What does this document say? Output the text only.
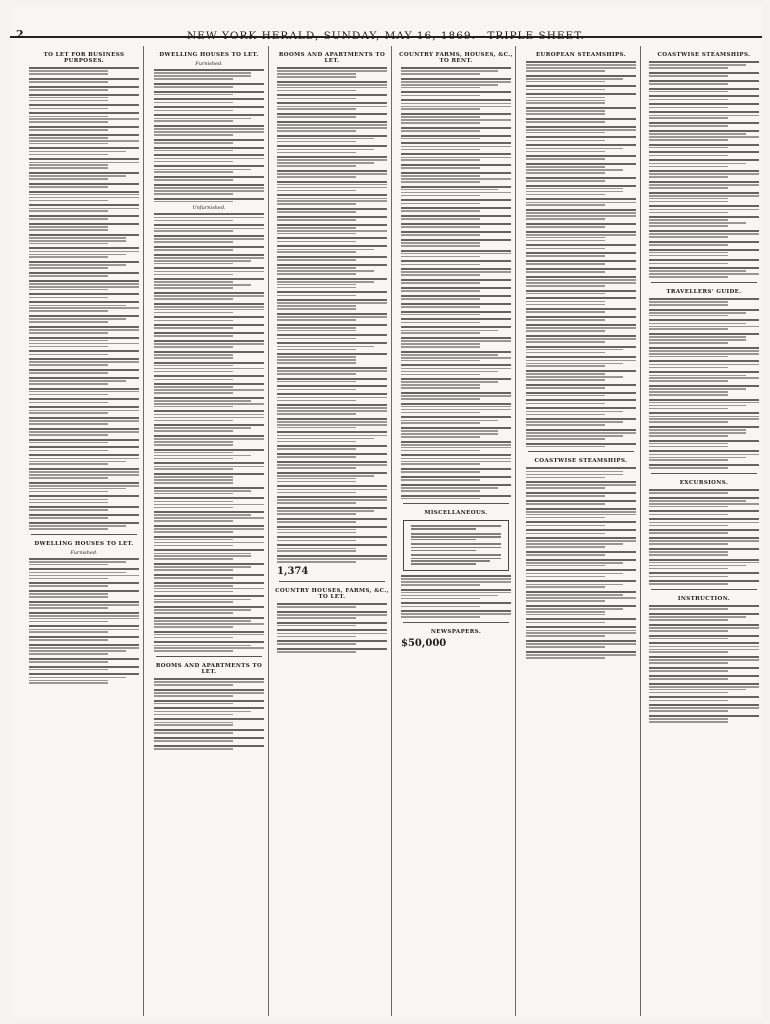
2	NEW YORK HERALD, SUNDAY, MAY 16, 1869.—TRIPLE SHEET.
TO LET FOR BUSINESS PURPOSES.
DWELLING HOUSES TO LET.
Furnished.
DWELLING HOUSES TO LET.
Furnished.
Unfurnished.
ROOMS AND APARTMENTS TO LET.
ROOMS AND APARTMENTS TO LET.
1,374
COUNTRY HOUSES, FARMS, &C., TO LET.
COUNTRY FARMS, HOUSES, &C., TO RENT.
MISCELLANEOUS.
NEWSPAPERS.
$50,000
EUROPEAN STEAMSHIPS.
COASTWISE STEAMSHIPS.
COASTWISE STEAMSHIPS.
TRAVELLERS' GUIDE.
EXCURSIONS.
INSTRUCTION.
